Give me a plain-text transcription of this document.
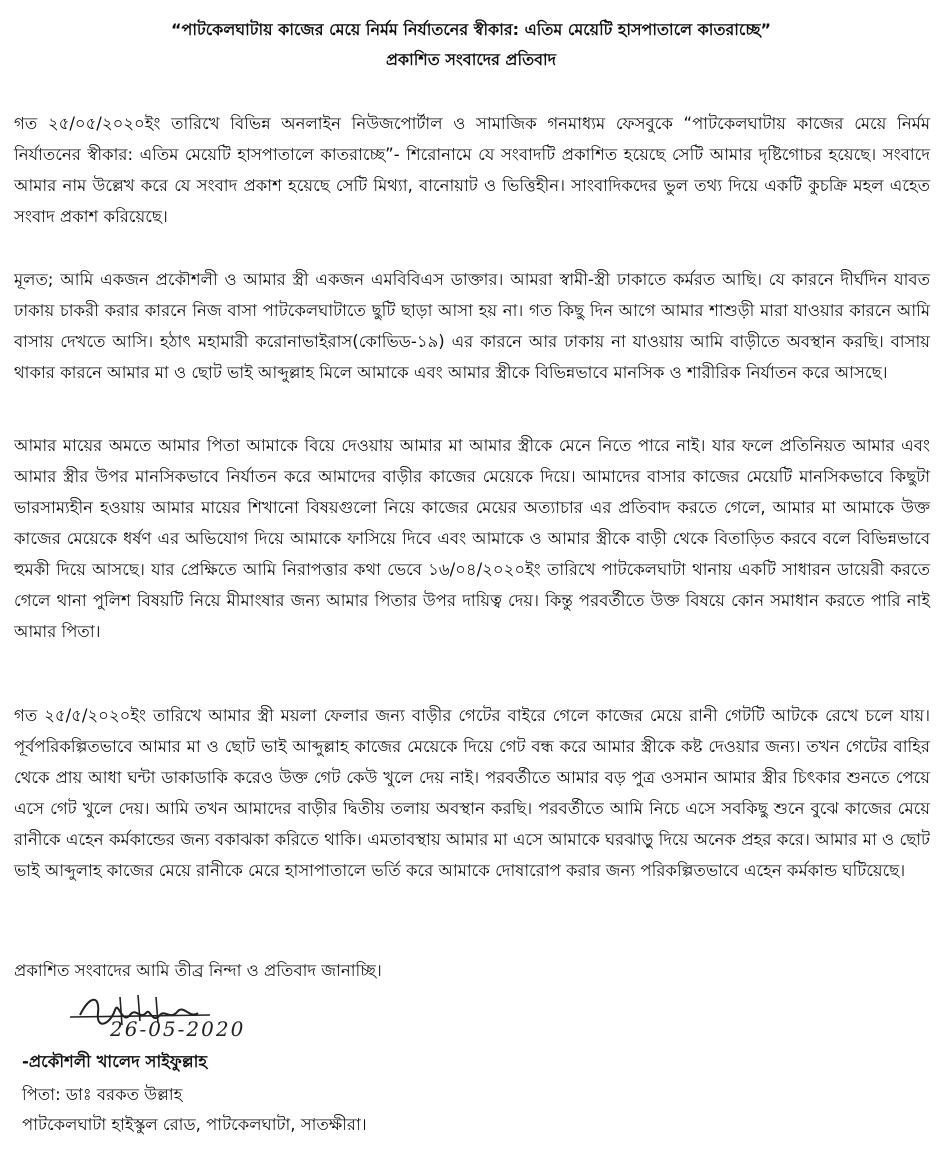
“পাটকেলঘাটায় কাজের মেয়ে নির্মম নির্যাতনের স্বীকার: এতিম মেয়েটি হাসপাতালে কাতরাচ্ছে”

প্রকাশিত সংবাদের প্রতিবাদ

গত ২৫/০৫/২০২০ইং তারিখে বিভিন্ন অনলাইন নিউজপোর্টাল ও সামাজিক গনমাধ্যম ফেসবুকে “পাটকেলঘাটায় কাজের মেয়ে নির্মম নির্যাতনের স্বীকার: এতিম মেয়েটি হাসপাতালে কাতরাচ্ছে”- শিরোনামে যে সংবাদটি প্রকাশিত হয়েছে সেটি আমার দৃষ্টিগোচর হয়েছে। সংবাদে আমার নাম উল্লেখ করে যে সংবাদ প্রকাশ হয়েছে সেটি মিথ্যা, বানোয়াট ও ভিত্তিহীন। সাংবাদিকদের ভুল তথ্য দিয়ে একটি কুচক্রি মহল এহেত সংবাদ প্রকাশ করিয়েছে।

মূলত; আমি একজন প্রকৌশলী ও আমার স্ত্রী একজন এমবিবিএস ডাক্তার। আমরা স্বামী-স্ত্রী ঢাকাতে কর্মরত আছি। যে কারনে দীর্ঘদিন যাবত ঢাকায় চাকরী করার কারনে নিজ বাসা পাটকেলঘাটাতে ছুটি ছাড়া আসা হয় না। গত কিছু দিন আগে আমার শাশুড়ী মারা যাওয়ার কারনে আমি বাসায় দেখতে আসি। হঠাৎ মহামারী করোনাভাইরাস(কোভিড-১৯) এর কারনে আর ঢাকায় না যাওয়ায় আমি বাড়ীতে অবস্থান করছি। বাসায় থাকার কারনে আমার মা ও ছোট ভাই আব্দুল্লাহ মিলে আমাকে এবং আমার স্ত্রীকে বিভিন্নভাবে মানসিক ও শারীরিক নির্যাতন করে আসছে।

আমার মায়ের অমতে আমার পিতা আমাকে বিয়ে দেওয়ায় আমার মা আমার স্ত্রীকে মেনে নিতে পারে নাই। যার ফলে প্রতিনিয়ত আমার এবং আমার স্ত্রীর উপর মানসিকভাবে নির্যাতন করে আমাদের বাড়ীর কাজের মেয়েকে দিয়ে। আমাদের বাসার কাজের মেয়েটি মানসিকভাবে কিছুটা ভারসাম্যহীন হওয়ায় আমার মায়ের শিখানো বিষয়গুলো নিয়ে কাজের মেয়ের অত্যাচার এর প্রতিবাদ করতে গেলে, আমার মা আমাকে উক্ত কাজের মেয়েকে ধর্ষণ এর অভিযোগ দিয়ে আমাকে ফাসিয়ে দিবে এবং আমাকে ও আমার স্ত্রীকে বাড়ী থেকে বিতাড়িত করবে বলে বিভিন্নভাবে হুমকী দিয়ে আসছে। যার প্রেক্ষিতে আমি নিরাপত্তার কথা ভেবে ১৬/০৪/২০২০ইং তারিখে পাটকেলঘাটা থানায় একটি সাধারন ডায়েরী করতে গেলে থানা পুলিশ বিষয়টি নিয়ে মীমাংষার জন্য আমার পিতার উপর দায়িত্ব দেয়। কিন্তু পরবর্তীতে উক্ত বিষয়ে কোন সমাধান করতে পারি নাই আমার পিতা।

গত ২৫/৫/২০২০ইং তারিখে আমার স্ত্রী ময়লা ফেলার জন্য বাড়ীর গেটের বাইরে গেলে কাজের মেয়ে রানী গেটটি আটকে রেখে চলে যায়। পূর্বপরিকল্পিতভাবে আমার মা ও ছোট ভাই আব্দুল্লাহ কাজের মেয়েকে দিয়ে গেট বন্ধ করে আমার স্ত্রীকে কষ্ট দেওয়ার জন্য। তখন গেটের বাহির থেকে প্রায় আধা ঘন্টা ডাকাডাকি করেও উক্ত গেট কেউ খুলে দেয় নাই। পরবর্তীতে আমার বড় পুত্র ওসমান আমার স্ত্রীর চিৎকার শুনতে পেয়ে এসে গেট খুলে দেয়। আমি তখন আমাদের বাড়ীর দ্বিতীয় তলায় অবস্থান করছি। পরবর্তীতে আমি নিচে এসে সবকিছু শুনে বুঝে কাজের মেয়ে রানীকে এহেন কর্মকান্ডের জন্য বকাঝকা করিতে থাকি। এমতাবস্থায় আমার মা এসে আমাকে ঘরঝাড়ু দিয়ে অনেক প্রহর করে। আমার মা ও ছোট ভাই আব্দুলাহ কাজের মেয়ে রানীকে মেরে হাসাপাতালে ভর্তি করে আমাকে দোষারোপ করার জন্য পরিকল্পিতভাবে এহেন কর্মকান্ড ঘটিয়েছে।

প্রকাশিত সংবাদের আমি তীব্র নিন্দা ও প্রতিবাদ জানাচ্ছি।

26-05-2020

-প্রকৌশলী খালেদ সাইফুল্লাহ

পিতা: ডাঃ বরকত উল্লাহ

পাটকেলঘাটা হাইস্কুল রোড, পাটকেলঘাটা, সাতক্ষীরা।
